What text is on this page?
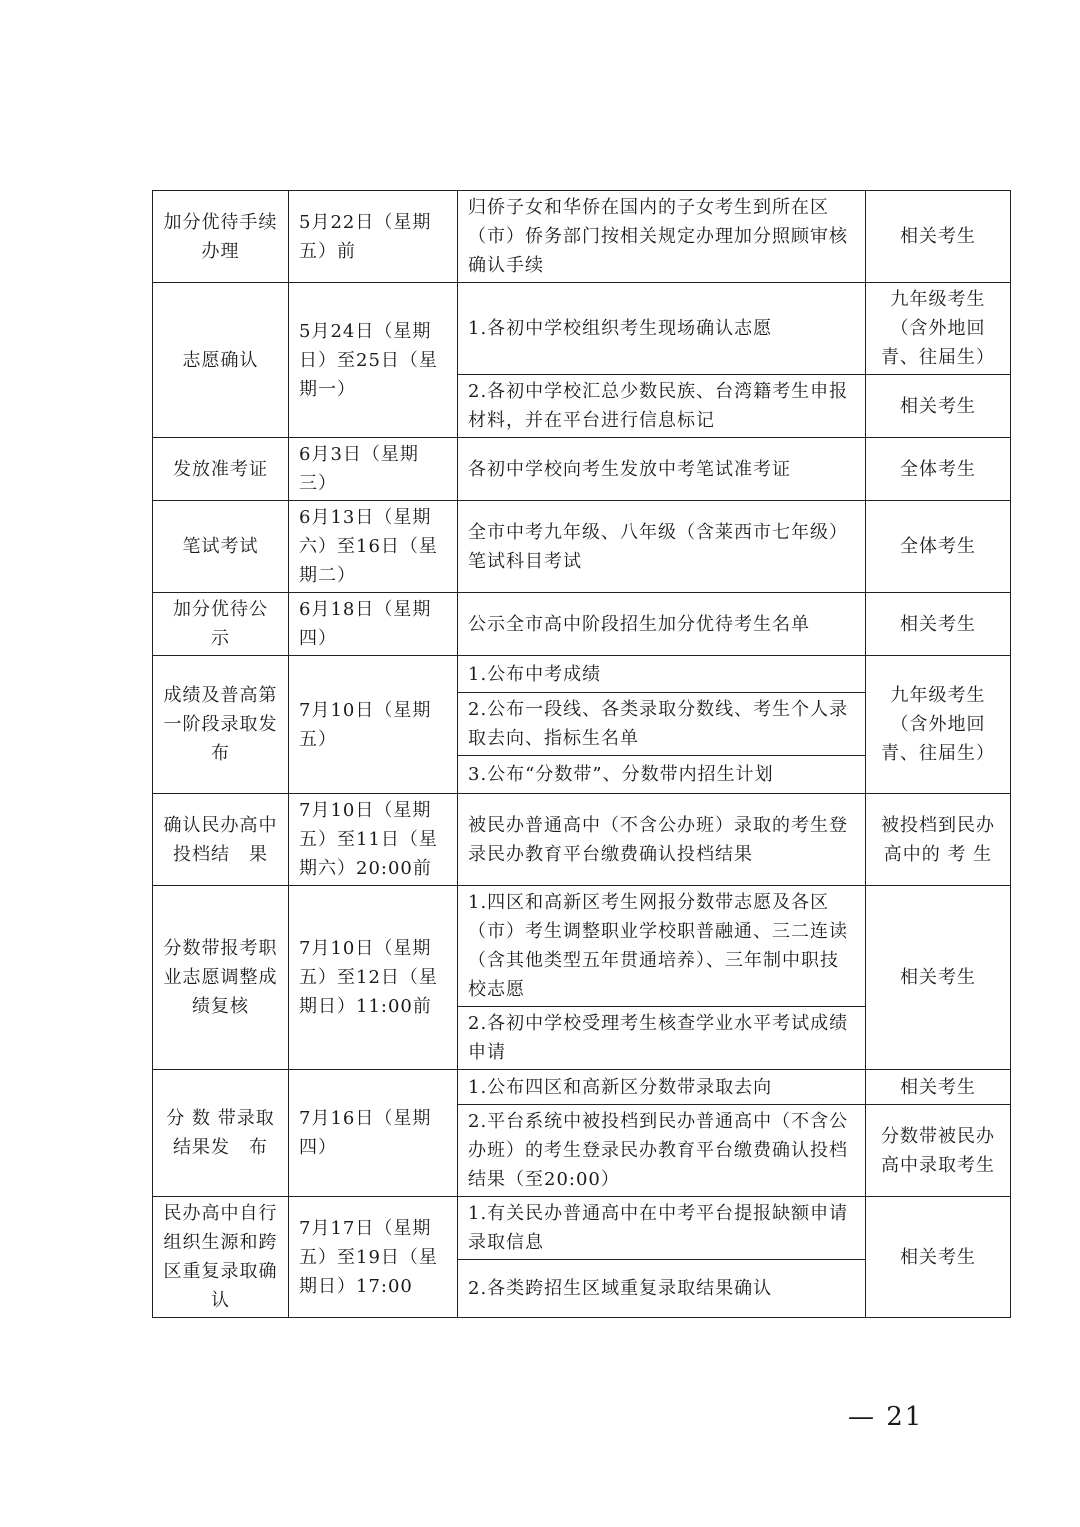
加分优待手续办理	5月22日（星期五）前	归侨子女和华侨在国内的子女考生到所在区（市）侨务部门按相关规定办理加分照顾审核确认手续	相关考生
志愿确认	5月24日（星期日）至25日（星期一）	1.各初中学校组织考生现场确认志愿	九年级考生（含外地回青、往届生）
		2.各初中学校汇总少数民族、台湾籍考生申报材料，并在平台进行信息标记	相关考生
发放准考证	6月3日（星期三）	各初中学校向考生发放中考笔试准考证	全体考生
笔试考试	6月13日（星期六）至16日（星期二）	全市中考九年级、八年级（含莱西市七年级）笔试科目考试	全体考生
加分优待公　示	6月18日（星期四）	公示全市高中阶段招生加分优待考生名单	相关考生
成绩及普高第一阶段录取发布	7月10日（星期五）	1.公布中考成绩	九年级考生（含外地回青、往届生）
		2.公布一段线、各类录取分数线、考生个人录取去向、指标生名单	
		3.公布“分数带”、分数带内招生计划	
确认民办高中投档结　果	7月10日（星期五）至11日（星期六）20:00前	被民办普通高中（不含公办班）录取的考生登录民办教育平台缴费确认投档结果	被投档到民办高中的 考 生
分数带报考职业志愿调整成绩复核	7月10日（星期五）至12日（星期日）11:00前	1.四区和高新区考生网报分数带志愿及各区（市）考生调整职业学校职普融通、三二连读（含其他类型五年贯通培养）、三年制中职技校志愿	相关考生
		2.各初中学校受理考生核查学业水平考试成绩申请	
分 数 带录取结果发　布	7月16日（星期四）	1.公布四区和高新区分数带录取去向	相关考生
		2.平台系统中被投档到民办普通高中（不含公办班）的考生登录民办教育平台缴费确认投档结果（至20:00）	分数带被民办高中录取考生
民办高中自行组织生源和跨区重复录取确认	7月17日（星期五）至19日（星期日）17:00	1.有关民办普通高中在中考平台提报缺额申请录取信息	相关考生
		2.各类跨招生区域重复录取结果确认	
— 21
